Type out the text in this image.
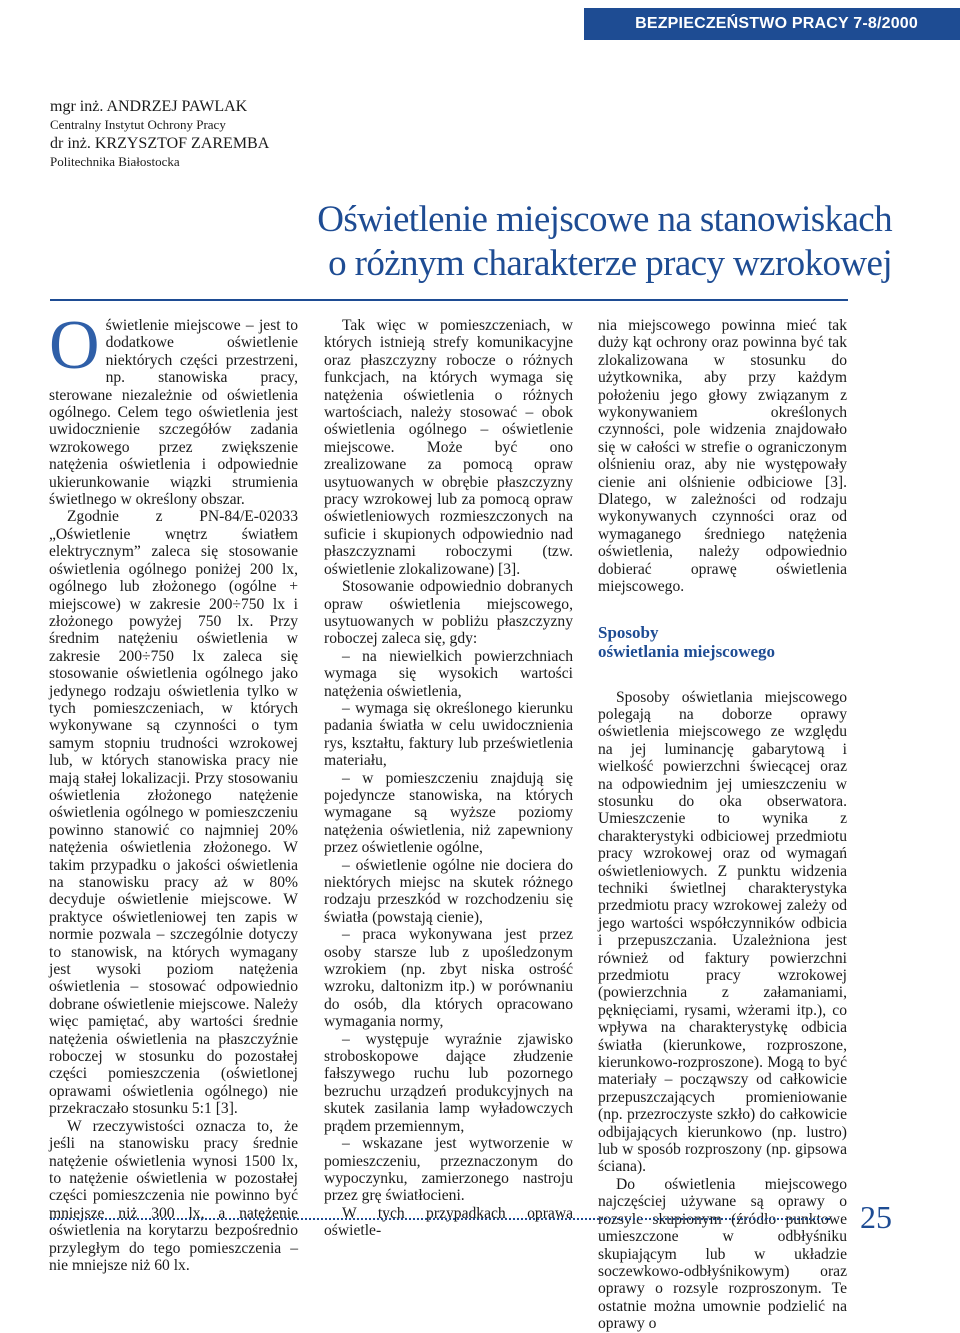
BEZPIECZEŃSTWO PRACY 7-8/2000
mgr inż. ANDRZEJ PAWLAK
Centralny Instytut Ochrony Pracy
dr inż. KRZYSZTOF ZAREMBA
Politechnika Białostocka
Oświetlenie miejscowe na stanowiskach
o różnym charakterze pracy wzrokowej

Oświetlenie miejscowe – jest to dodatkowe oświetlenie niektórych części przestrzeni, np. stanowiska pracy, sterowane niezależnie od oświetlenia ogólnego. Celem tego oświetlenia jest uwidocznienie szczegółów zadania wzrokowego przez zwiększenie natężenia oświetlenia i odpowiednie ukierunkowanie wiązki strumienia świetlnego w określony obszar.

Zgodnie z PN-84/E-02033 „Oświetlenie wnętrz światłem elektrycznym” zaleca się stosowanie oświetlenia ogólnego poniżej 200 lx, ogólnego lub złożonego (ogólne + miejscowe) w zakresie 200÷750 lx i złożonego powyżej 750 lx. Przy średnim natężeniu oświetlenia w zakresie 200÷750 lx zaleca się stosowanie oświetlenia ogólnego jako jedynego rodzaju oświetlenia tylko w tych pomieszczeniach, w których wykonywane są czynności o tym samym stopniu trudności wzrokowej lub, w których stanowiska pracy nie mają stałej lokalizacji. Przy stosowaniu oświetlenia złożonego natężenie oświetlenia ogólnego w pomieszczeniu powinno stanowić co najmniej 20% natężenia oświetlenia złożonego. W takim przypadku o jakości oświetlenia na stanowisku pracy aż w 80% decyduje oświetlenie miejscowe. W praktyce oświetleniowej ten zapis w normie pozwala – szczególnie dotyczy to stanowisk, na których wymagany jest wysoki poziom natężenia oświetlenia – stosować odpowiednio dobrane oświetlenie miejscowe. Należy więc pamiętać, aby wartości średnie natężenia oświetlenia na płaszczyźnie roboczej w stosunku do pozostałej części pomieszczenia (oświetlonej oprawami oświetlenia ogólnego) nie przekraczało stosunku 5:1 [3].

W rzeczywistości oznacza to, że jeśli na stanowisku pracy średnie natężenie oświetlenia wynosi 1500 lx, to natężenie oświetlenia w pozostałej części pomieszczenia nie powinno być mniejsze niż 300 lx, a natężenie oświetlenia na korytarzu bezpośrednio przyległym do tego pomieszczenia – nie mniejsze niż 60 lx.

Tak więc w pomieszczeniach, w których istnieją strefy komunikacyjne oraz płaszczyzny robocze o różnych funkcjach, na których wymaga się natężenia oświetlenia o różnych wartościach, należy stosować – obok oświetlenia ogólnego – oświetlenie miejscowe. Może być ono zrealizowane za pomocą opraw usytuowanych w obrębie płaszczyzny pracy wzrokowej lub za pomocą opraw oświetleniowych rozmieszczonych na suficie i skupionych odpowiednio nad płaszczyznami roboczymi (tzw. oświetlenie zlokalizowane) [3].

Stosowanie odpowiednio dobranych opraw oświetlenia miejscowego, usytuowanych w pobliżu płaszczyzny roboczej zaleca się, gdy:

– na niewielkich powierzchniach wymaga się wysokich wartości natężenia oświetlenia,

– wymaga się określonego kierunku padania światła w celu uwidocznienia rys, kształtu, faktury lub prześwietlenia materiału,

– w pomieszczeniu znajdują się pojedyncze stanowiska, na których wymagane są wyższe poziomy natężenia oświetlenia, niż zapewniony przez oświetlenie ogólne,

– oświetlenie ogólne nie dociera do niektórych miejsc na skutek różnego rodzaju przeszkód w rozchodzeniu się światła (powstają cienie),

– praca wykonywana jest przez osoby starsze lub z upośledzonym wzrokiem (np. zbyt niska ostrość wzroku, daltonizm itp.) w porównaniu do osób, dla których opracowano wymagania normy,

– występuje wyraźnie zjawisko stroboskopowe dające złudzenie fałszywego ruchu lub pozornego bezruchu urządzeń produkcyjnych na skutek zasilania lamp wyładowczych prądem przemiennym,

– wskazane jest wytworzenie w pomieszczeniu, przeznaczonym do wypoczynku, zamierzonego nastroju przez grę światłocieni.

W tych przypadkach oprawa oświetle-

nia miejscowego powinna mieć tak duży kąt ochrony oraz powinna być tak zlokalizowana w stosunku do użytkownika, aby przy każdym położeniu jego głowy związanym z wykonywaniem określonych czynności, pole widzenia znajdowało się w całości w strefie o ograniczonym olśnieniu oraz, aby nie występowały cienie ani olśnienie odbiciowe [3]. Dlatego, w zależności od rodzaju wykonywanych czynności oraz od wymaganego średniego natężenia oświetlenia, należy odpowiednio dobierać oprawę oświetlenia miejscowego.

Sposoby
oświetlania miejscowego

Sposoby oświetlania miejscowego polegają na doborze oprawy oświetlenia miejscowego ze względu na jej luminancję gabarytową i wielkość powierzchni świecącej oraz na odpowiednim jej umieszczeniu w stosunku do oka obserwatora. Umieszczenie to wynika z charakterystyki odbiciowej przedmiotu pracy wzrokowej oraz od wymagań oświetleniowych. Z punktu widzenia techniki świetlnej charakterystyka przedmiotu pracy wzrokowej zależy od jego wartości współczynników odbicia i przepuszczania. Uzależniona jest również od faktury powierzchni przedmiotu pracy wzrokowej (powierzchnia z załamaniami, pęknięciami, rysami, wżerami itp.), co wpływa na charakterystykę odbicia światła (kierunkowe, rozproszone, kierunkowo-rozproszone). Mogą to być materiały – począwszy od całkowicie przepuszczających promieniowanie (np. przezroczyste szkło) do całkowicie odbijających kierunkowo (np. lustro) lub w sposób rozproszony (np. gipsowa ściana).

Do oświetlenia miejscowego najczęściej używane są oprawy o rozsyle skupionym (źródło punktowe umieszczone w odbłyśniku skupiającym lub w układzie soczewkowo-odbłyśnikowym) oraz oprawy o rozsyle rozproszonym. Te ostatnie można umownie podzielić na oprawy o

25
